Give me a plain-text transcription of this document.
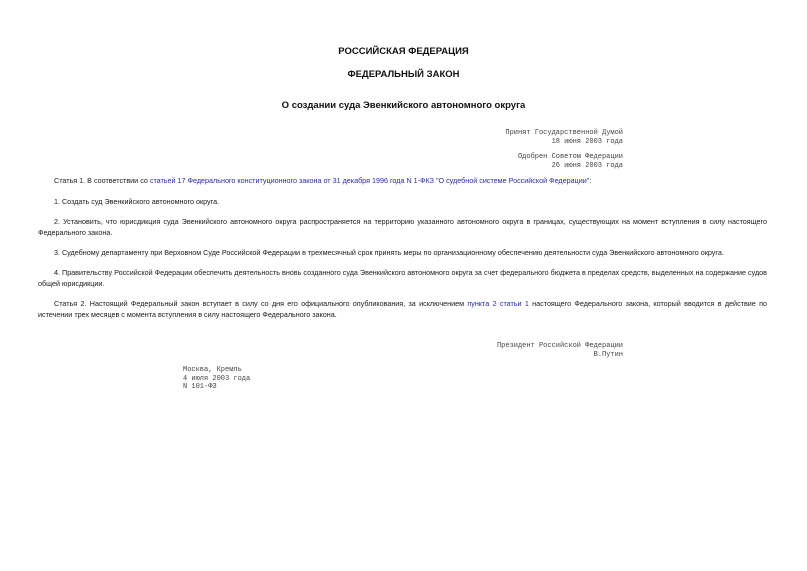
РОССИЙСКАЯ ФЕДЕРАЦИЯ
ФЕДЕРАЛЬНЫЙ ЗАКОН
О создании суда Эвенкийского автономного округа
Принят Государственной Думой
18 июня 2003 года
Одобрен Советом Федерации
26 июня 2003 года
Статья 1. В соответствии со статьей 17 Федерального конституционного закона от 31 декабря 1996 года N 1-ФКЗ "О судебной системе Российской Федерации":
1. Создать суд Эвенкийского автономного округа.
2. Установить, что юрисдикция суда Эвенкийского автономного округа распространяется на территорию указанного автономного округа в границах, существующих на момент вступления в силу настоящего Федерального закона.
3. Судебному департаменту при Верховном Суде Российской Федерации в трехмесячный срок принять меры по организационному обеспечению деятельности суда Эвенкийского автономного округа.
4. Правительству Российской Федерации обеспечить деятельность вновь созданного суда Эвенкийского автономного округа за счет федерального бюджета в пределах средств, выделенных на содержание судов общей юрисдикции.
Статья 2. Настоящий Федеральный закон вступает в силу со дня его официального опубликования, за исключением пункта 2 статьи 1 настоящего Федерального закона, который вводится в действие по истечении трех месяцев с момента вступления в силу настоящего Федерального закона.
Президент Российской Федерации
В.Путин
Москва, Кремль
4 июля 2003 года
N 101-ФЗ
